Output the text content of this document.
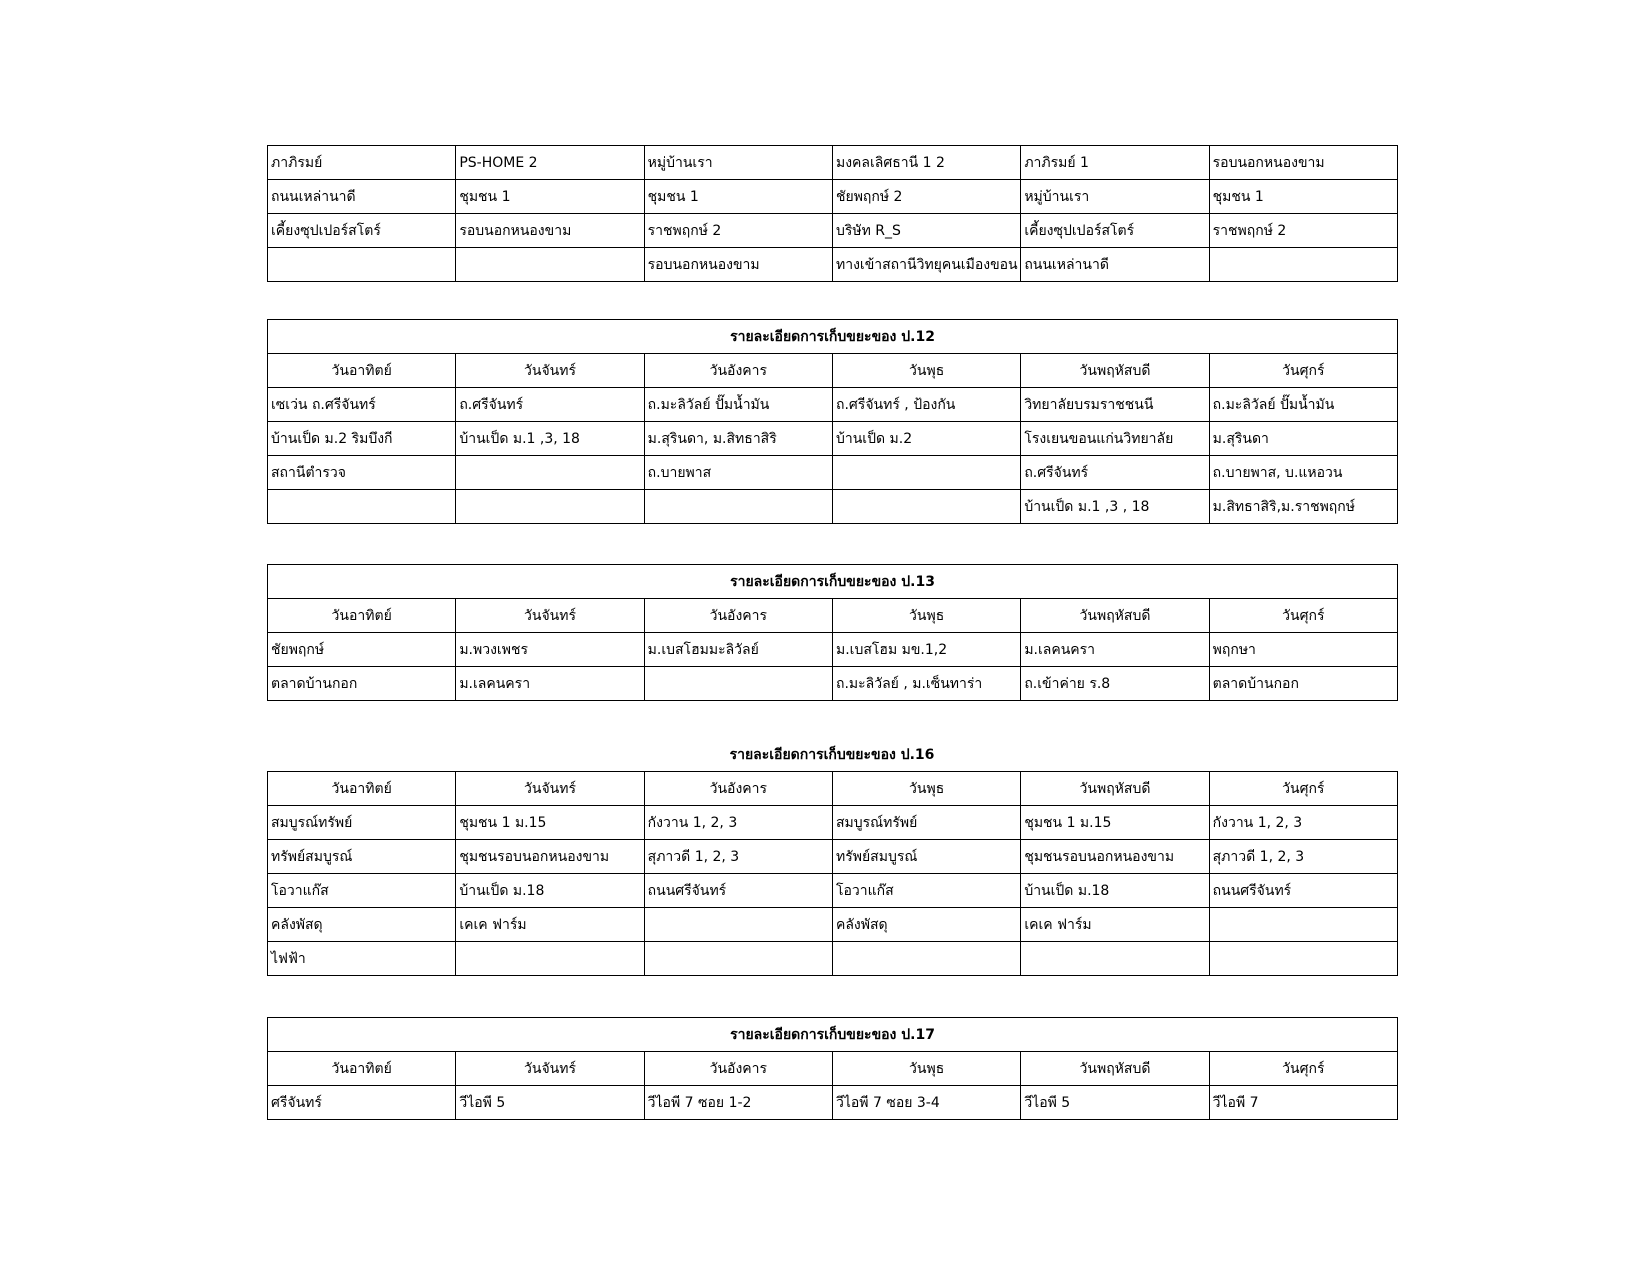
ภาภิรมย์	PS-HOME 2	หมู่บ้านเรา	มงคลเลิศธานี 1 2	ภาภิรมย์ 1	รอบนอกหนองขาม
ถนนเหล่านาดี	ชุมชน 1	ชุมชน 1	ชัยพฤกษ์ 2	หมู่บ้านเรา	ชุมชน 1
เคี้ยงซุปเปอร์สโตร์	รอบนอกหนองขาม	ราชพฤกษ์ 2	บริษัท R_S	เคี้ยงซุปเปอร์สโตร์	ราชพฤกษ์ 2
		รอบนอกหนองขาม	ทางเข้าสถานีวิทยุคนเมืองขอน	ถนนเหล่านาดี	
รายละเอียดการเก็บขยะของ ป.12					
วันอาทิตย์	วันจันทร์	วันอังคาร	วันพุธ	วันพฤหัสบดี	วันศุกร์
เซเว่น ถ.ศรีจันทร์	ถ.ศรีจันทร์	ถ.มะลิวัลย์ ปั๊มน้ำมัน	ถ.ศรีจันทร์ , ป้องกัน	วิทยาลัยบรมราชชนนี	ถ.มะลิวัลย์ ปั๊มน้ำมัน
บ้านเป็ด ม.2 ริมบึงกี	บ้านเป็ด ม.1 ,3, 18	ม.สุรินดา, ม.สิทธาสิริ	บ้านเป็ด ม.2	โรงเยนขอนแก่นวิทยาลัย	ม.สุรินดา
สถานีตำรวจ		ถ.บายพาส		ถ.ศรีจันทร์	ถ.บายพาส, บ.แหอวน
				บ้านเป็ด ม.1 ,3 , 18	ม.สิทธาสิริ,ม.ราชพฤกษ์
รายละเอียดการเก็บขยะของ ป.13					
วันอาทิตย์	วันจันทร์	วันอังคาร	วันพุธ	วันพฤหัสบดี	วันศุกร์
ชัยพฤกษ์	ม.พวงเพชร	ม.เบสโฮมมะลิวัลย์	ม.เบสโฮม มข.1,2	ม.เลคนครา	พฤกษา
ตลาดบ้านกอก	ม.เลคนครา		ถ.มะลิวัลย์ , ม.เซ็นทาร่า	ถ.เข้าค่าย ร.8	ตลาดบ้านกอก
รายละเอียดการเก็บขยะของ ป.16
วันอาทิตย์	วันจันทร์	วันอังคาร	วันพุธ	วันพฤหัสบดี	วันศุกร์
สมบูรณ์ทรัพย์	ชุมชน 1 ม.15	กังวาน 1, 2, 3	สมบูรณ์ทรัพย์	ชุมชน 1 ม.15	กังวาน 1, 2, 3
ทรัพย์สมบูรณ์	ชุมชนรอบนอกหนองขาม	สุภาวดี 1, 2, 3	ทรัพย์สมบูรณ์	ชุมชนรอบนอกหนองขาม	สุภาวดี 1, 2, 3
โอวาแก๊ส	บ้านเป็ด ม.18	ถนนศรีจันทร์	โอวาแก๊ส	บ้านเป็ด ม.18	ถนนศรีจันทร์
คลังพัสดุ	เคเค ฟาร์ม		คลังพัสดุ	เคเค ฟาร์ม	
ไฟฟ้า					
รายละเอียดการเก็บขยะของ ป.17					
วันอาทิตย์	วันจันทร์	วันอังคาร	วันพุธ	วันพฤหัสบดี	วันศุกร์
ศรีจันทร์	วีไอพี 5	วีไอพี 7 ซอย 1-2	วีไอพี 7 ซอย 3-4	วีไอพี 5	วีไอพี 7
